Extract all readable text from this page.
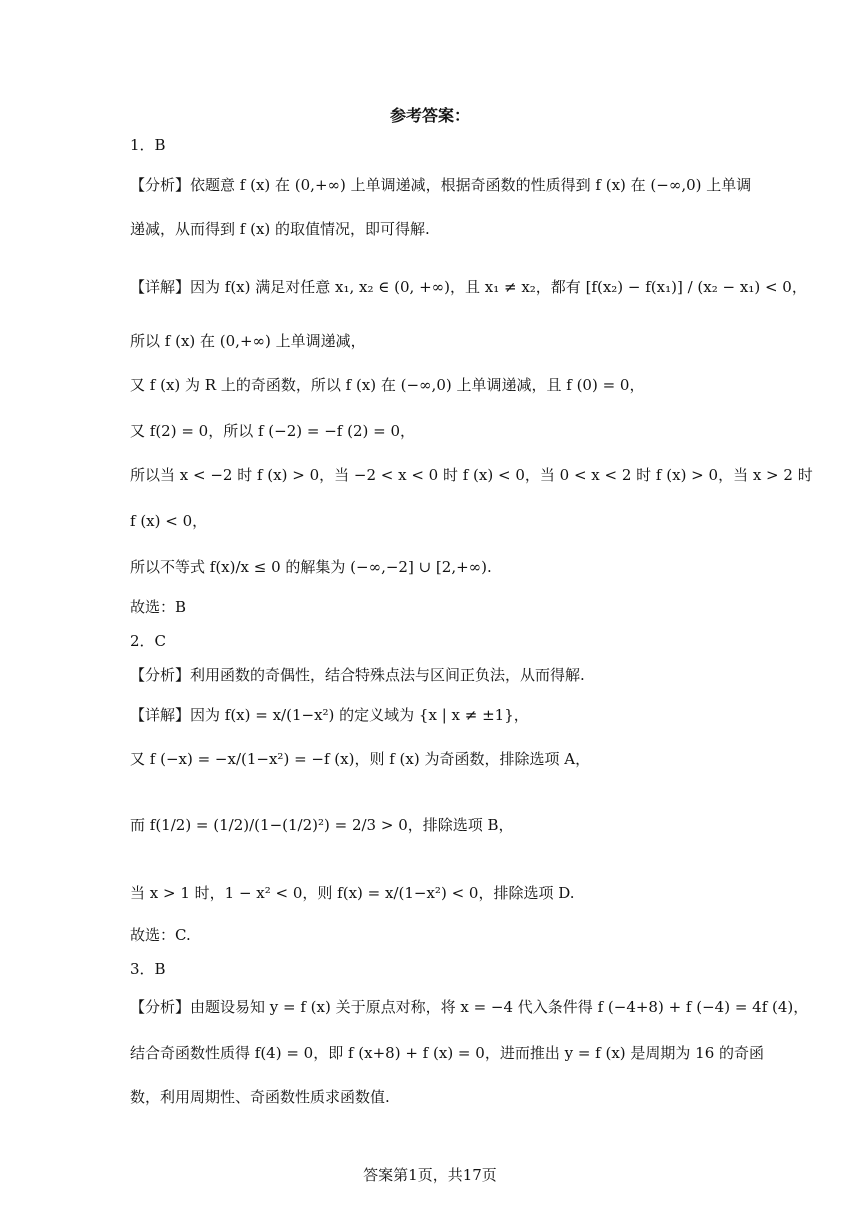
参考答案：
1．B
【分析】依题意 f (x) 在 (0,+∞) 上单调递减，根据奇函数的性质得到 f (x) 在 (−∞,0) 上单调
递减，从而得到 f (x) 的取值情况，即可得解.
【详解】因为 f(x) 满足对任意 x₁, x₂ ∈ (0, +∞)，且 x₁ ≠ x₂，都有 [f(x₂) − f(x₁)] / (x₂ − x₁) < 0，
所以 f (x) 在 (0,+∞) 上单调递减，
又 f (x) 为 R 上的奇函数，所以 f (x) 在 (−∞,0) 上单调递减，且 f (0) = 0，
又 f(2) = 0，所以 f (−2) = −f (2) = 0，
所以当 x < −2 时 f (x) > 0，当 −2 < x < 0 时 f (x) < 0，当 0 < x < 2 时 f (x) > 0，当 x > 2 时
f (x) < 0，
所以不等式 f(x)/x ≤ 0 的解集为 (−∞,−2] ∪ [2,+∞).
故选：B
2．C
【分析】利用函数的奇偶性，结合特殊点法与区间正负法，从而得解.
【详解】因为 f(x) = x/(1−x²) 的定义域为 {x | x ≠ ±1}，
又 f (−x) = −x/(1−x²) = −f (x)，则 f (x) 为奇函数，排除选项 A，
而 f(1/2) = (1/2)/(1−(1/2)²) = 2/3 > 0，排除选项 B，
当 x > 1 时，1 − x² < 0，则 f(x) = x/(1−x²) < 0，排除选项 D.
故选：C.
3．B
【分析】由题设易知 y = f (x) 关于原点对称，将 x = −4 代入条件得 f (−4+8) + f (−4) = 4f (4)，
结合奇函数性质得 f(4) = 0，即 f (x+8) + f (x) = 0，进而推出 y = f (x) 是周期为 16 的奇函
数，利用周期性、奇函数性质求函数值.
答案第1页，共17页
